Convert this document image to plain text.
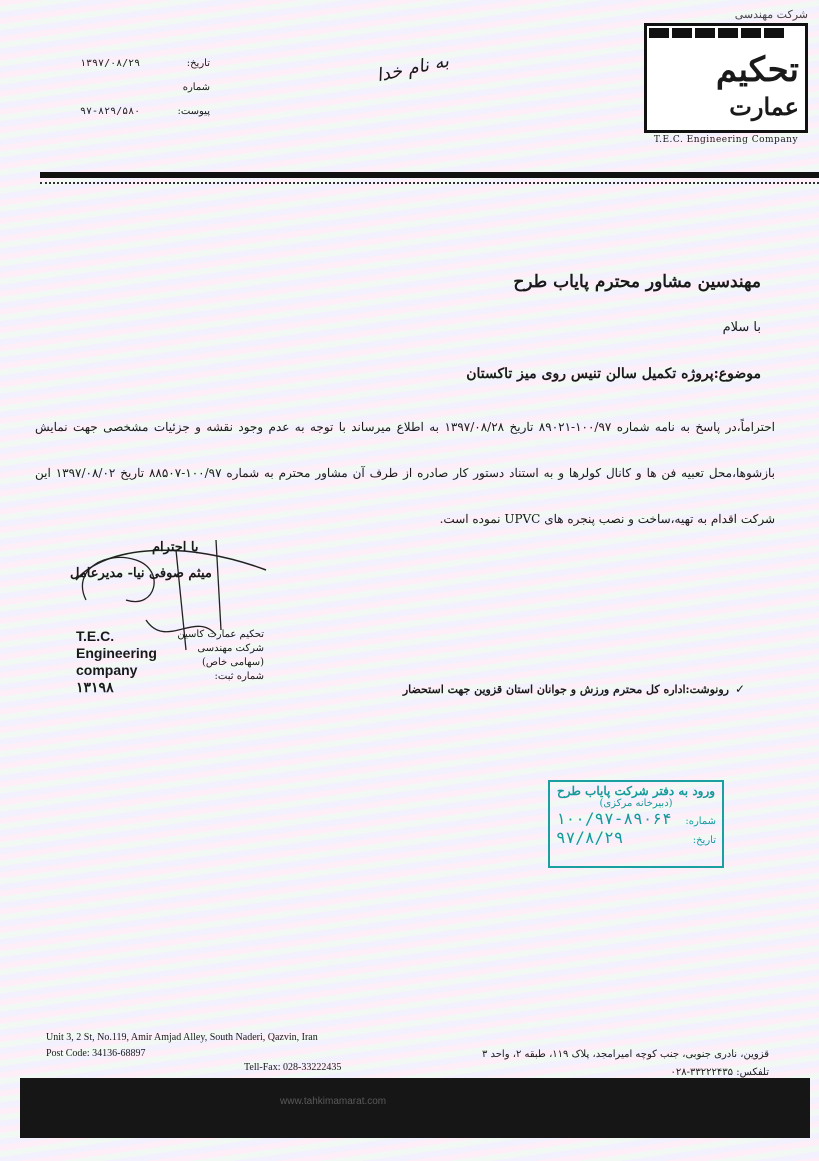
۱۳۹۷/۰۸/۲۹	تاریخ:
شماره
۹۷-۸۲۹/۵۸۰	پیوست:
به نام خدا
شرکت مهندسی
تحکیم
عمارت
T.E.C. Engineering Company
مهندسین مشاور محترم پایاب طرح
با سلام
موضوع:پروژه تکمیل سالن تنیس روی میز تاکستان
احتراماً،در پاسخ به نامه شماره ۱۰۰/۹۷-۸۹۰۲۱ تاریخ ۱۳۹۷/۰۸/۲۸ به اطلاع میرساند با توجه به عدم وجود نقشه و جزئیات مشخصی جهت نمایش بازشوها،محل تعبیه فن ها و کانال کولرها و به استناد دستور کار صادره از طرف آن مشاور محترم به شماره ۱۰۰/۹۷-۸۸۵۰۷ تاریخ ۱۳۹۷/۰۸/۰۲ این شرکت اقدام به تهیه،ساخت و نصب پنجره های UPVC نموده است.
با احترام
میثم صوفی نیا- مدیرعامل
T.E.C.
Engineering
company
۱۳۱۹۸
تحکیم عمارت کاسین
شرکت مهندسی
(سهامی خاص)
شماره ثبت:
✓
رونوشت:اداره کل محترم ورزش و جوانان استان قزوین جهت استحضار
ورود به دفتر شرکت پایاب طرح
(دبیرخانه مرکزی)
شماره:
۱۰۰/۹۷-۸۹۰۶۴
تاریخ:
۹۷/۸/۲۹
Unit 3, 2 St, No.119, Amir Amjad Alley, South Naderi, Qazvin, Iran
Post Code: 34136-68897
Tell-Fax: 028-33222435
قزوین، نادری جنوبی، جنب کوچه امیرامجد، پلاک ۱۱۹، طبقه ۲، واحد ۳
تلفکس: ۳۳۲۲۲۴۳۵-۰۲۸
www.tahkimamarat.com
